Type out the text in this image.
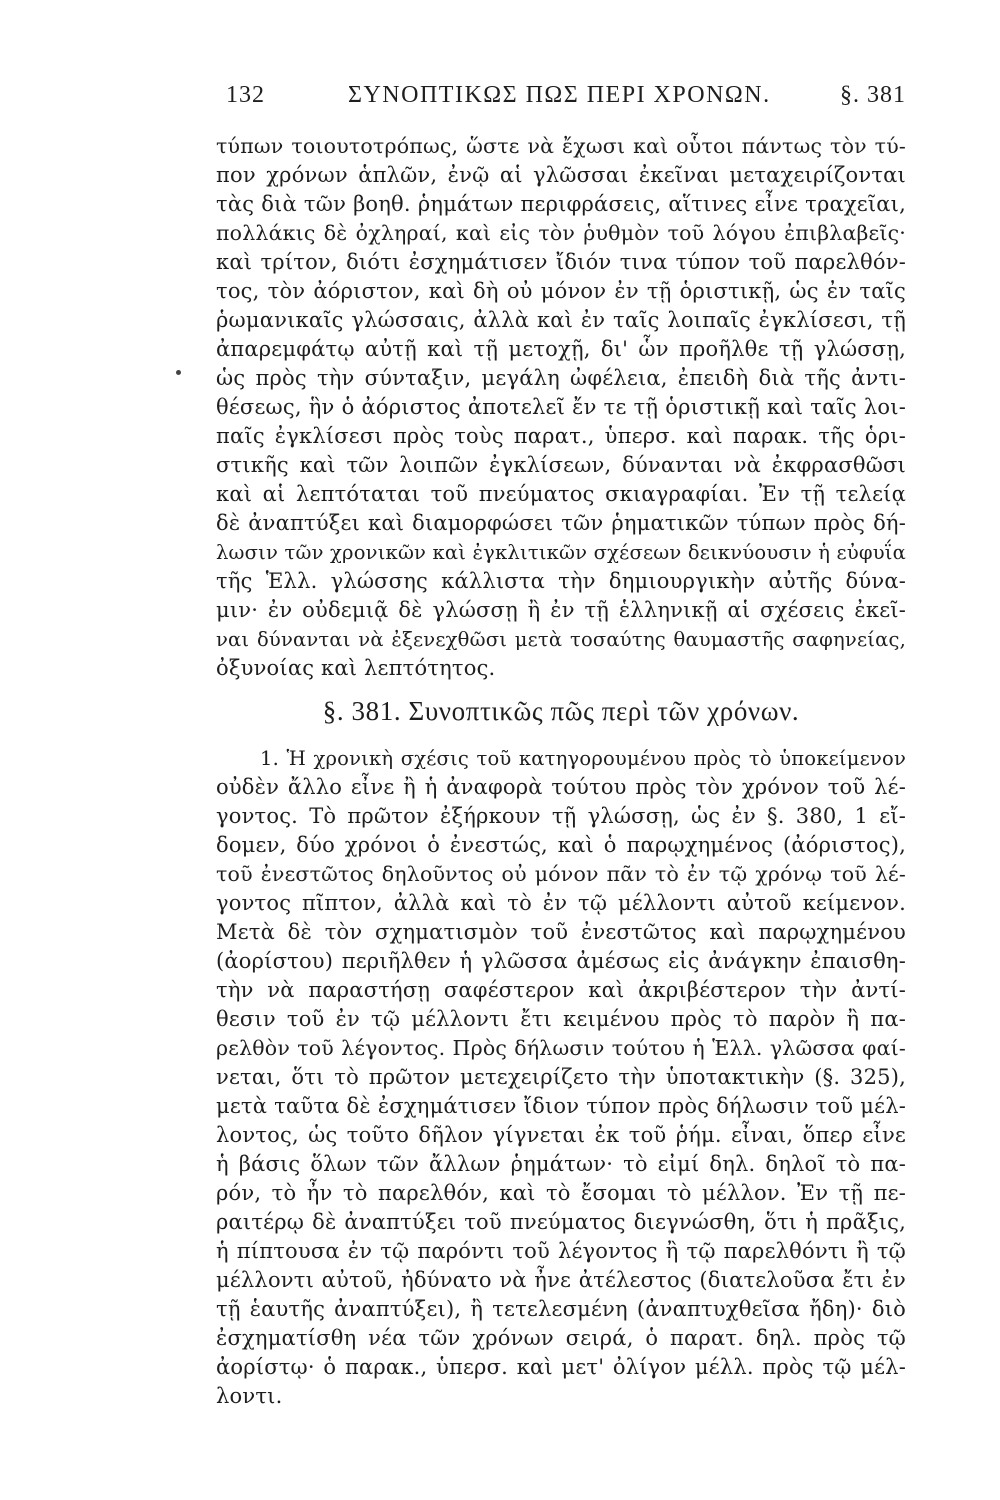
132	ΣΥΝΟΠΤΙΚΩΣ ΠΩΣ ΠΕΡΙ ΧΡΟΝΩΝ.	§. 381
τύπων τοιουτοτρόπως, ὥστε νὰ ἔχωσι καὶ οὗτοι πάντως τὸν τύ-
πον χρόνων ἁπλῶν, ἐνῷ αἱ γλῶσσαι ἐκεῖναι μεταχειρίζονται
τὰς διὰ τῶν βοηθ. ῥημάτων περιφράσεις, αἵτινες εἶνε τραχεῖαι,
πολλάκις δὲ ὀχληραί, καὶ εἰς τὸν ῥυθμὸν τοῦ λόγου ἐπιβλαβεῖς·
καὶ τρίτον, διότι ἐσχημάτισεν ἴδιόν τινα τύπον τοῦ παρελθόν-
τος, τὸν ἀόριστον, καὶ δὴ οὐ μόνον ἐν τῇ ὁριστικῇ, ὡς ἐν ταῖς
ῥωμανικαῖς γλώσσαις, ἀλλὰ καὶ ἐν ταῖς λοιπαῖς ἐγκλίσεσι, τῇ
ἀπαρεμφάτῳ αὐτῇ καὶ τῇ μετοχῇ, δι' ὧν προῆλθε τῇ γλώσσῃ,
ὡς πρὸς τὴν σύνταξιν, μεγάλη ὠφέλεια, ἐπειδὴ διὰ τῆς ἀντι-
θέσεως, ἣν ὁ ἀόριστος ἀποτελεῖ ἔν τε τῇ ὁριστικῇ καὶ ταῖς λοι-
παῖς ἐγκλίσεσι πρὸς τοὺς παρατ., ὑπερσ. καὶ παρακ. τῆς ὁρι-
στικῆς καὶ τῶν λοιπῶν ἐγκλίσεων, δύνανται νὰ ἐκφρασθῶσι
καὶ αἱ λεπτόταται τοῦ πνεύματος σκιαγραφίαι. Ἐν τῇ τελείᾳ
δὲ ἀναπτύξει καὶ διαμορφώσει τῶν ῥηματικῶν τύπων πρὸς δή-
λωσιν τῶν χρονικῶν καὶ ἐγκλιτικῶν σχέσεων δεικνύουσιν ἡ εὐφυΐα
τῆς Ἑλλ. γλώσσης κάλλιστα τὴν δημιουργικὴν αὐτῆς δύνα-
μιν· ἐν οὐδεμιᾷ δὲ γλώσσῃ ἢ ἐν τῇ ἑλληνικῇ αἱ σχέσεις ἐκεῖ-
ναι δύνανται νὰ ἐξενεχθῶσι μετὰ τοσαύτης θαυμαστῆς σαφηνείας,
ὀξυνοίας καὶ λεπτότητος.
§. 381. Συνοπτικῶς πῶς περὶ τῶν χρόνων.
1. Ἡ χρονικὴ σχέσις τοῦ κατηγορουμένου πρὸς τὸ ὑποκείμενον
οὐδὲν ἄλλο εἶνε ἢ ἡ ἀναφορὰ τούτου πρὸς τὸν χρόνον τοῦ λέ-
γοντος. Τὸ πρῶτον ἐξήρκουν τῇ γλώσσῃ, ὡς ἐν §. 380, 1 εἴ-
δομεν, δύο χρόνοι ὁ ἐνεστώς, καὶ ὁ παρῳχημένος (ἀόριστος),
τοῦ ἐνεστῶτος δηλοῦντος οὐ μόνον πᾶν τὸ ἐν τῷ χρόνῳ τοῦ λέ-
γοντος πῖπτον, ἀλλὰ καὶ τὸ ἐν τῷ μέλλοντι αὐτοῦ κείμενον.
Μετὰ δὲ τὸν σχηματισμὸν τοῦ ἐνεστῶτος καὶ παρῳχημένου
(ἀορίστου) περιῆλθεν ἡ γλῶσσα ἀμέσως εἰς ἀνάγκην ἐπαισθη-
τὴν νὰ παραστήσῃ σαφέστερον καὶ ἀκριβέστερον τὴν ἀντί-
θεσιν τοῦ ἐν τῷ μέλλοντι ἔτι κειμένου πρὸς τὸ παρὸν ἢ πα-
ρελθὸν τοῦ λέγοντος. Πρὸς δήλωσιν τούτου ἡ Ἑλλ. γλῶσσα φαί-
νεται, ὅτι τὸ πρῶτον μετεχειρίζετο τὴν ὑποτακτικὴν (§. 325),
μετὰ ταῦτα δὲ ἐσχημάτισεν ἴδιον τύπον πρὸς δήλωσιν τοῦ μέλ-
λοντος, ὡς τοῦτο δῆλον γίγνεται ἐκ τοῦ ῥήμ. εἶναι, ὅπερ εἶνε
ἡ βάσις ὅλων τῶν ἄλλων ῥημάτων· τὸ εἰμί δηλ. δηλοῖ τὸ πα-
ρόν, τὸ ἦν τὸ παρελθόν, καὶ τὸ ἔσομαι τὸ μέλλον. Ἐν τῇ πε-
ραιτέρῳ δὲ ἀναπτύξει τοῦ πνεύματος διεγνώσθη, ὅτι ἡ πρᾶξις,
ἡ πίπτουσα ἐν τῷ παρόντι τοῦ λέγοντος ἢ τῷ παρελθόντι ἢ τῷ
μέλλοντι αὐτοῦ, ἠδύνατο νὰ ἦνε ἀτέλεστος (διατελοῦσα ἔτι ἐν
τῇ ἑαυτῆς ἀναπτύξει), ἢ τετελεσμένη (ἀναπτυχθεῖσα ἤδη)· διὸ
ἐσχηματίσθη νέα τῶν χρόνων σειρά, ὁ παρατ. δηλ. πρὸς τῷ
ἀορίστῳ· ὁ παρακ., ὑπερσ. καὶ μετ' ὀλίγον μέλλ. πρὸς τῷ μέλ-
λοντι.
